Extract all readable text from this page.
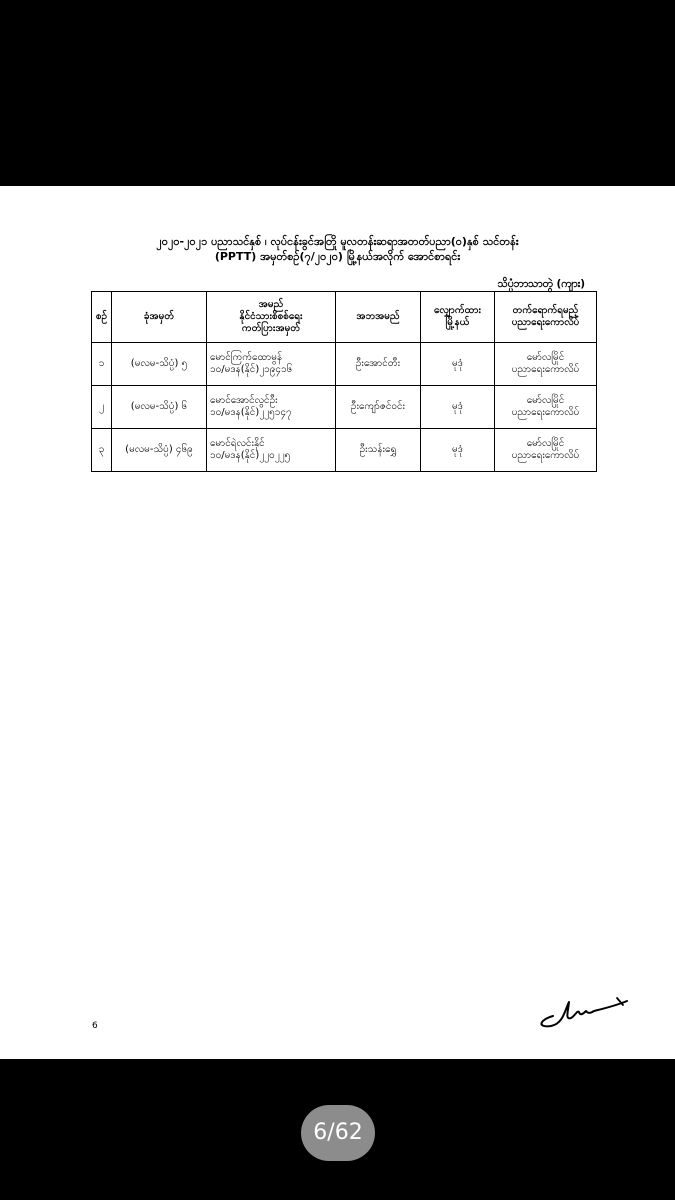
၂၀၂၀-၂၀၂၁ ပညာသင်နှစ် ၊ လုပ်ငန်းခွင်အတြို မူလတန်းဆရာအတတ်ပညာ(ဝ)နှစ် သင်တန်း
(PPTT) အမှတ်စဉ်(၇/၂၀၂၀) မြို့နယ်အလိုက် အောင်စာရင်း
သိပ္ပံဘာသာတွဲ (ကျား)
စဉ်	ခုံအမှတ်	အမည်
နိုင်ငံသားစိစစ်ရေး
ကတ်ပြားအမှတ်	အဘအမည်	လျှောက်ထား
မြို့နယ်	တက်ရောက်ရမည့်
ပညာရေးကောလိပ်

၁	(မလမ-သိပ္ပံ) ၅	မောင်ကြက်ထောမွန်
၁၀/မဒန(နိုင်)၂၁၉၄၁၆	ဦးအောင်တီး	မုဒုံ	မော်လမြိုင်
ပညာရေးကောလိပ်

၂	(မလမ-သိပ္ပံ) ၆	မောင်အောင်လွင်ဦး
၁၀/မဒန(နိုင်)၂၂၅၁၄၇	ဦးကျော်ဇင်ဝင်း	မုဒုံ	မော်လမြိုင်
ပညာရေးကောလိပ်

၃	(မလမ-သိပ္ပံ) ၄၆၉	မောင်ရဲလင်းနိုင်
၁၀/မဒန(နိုင်)၂၂၀၂၂၅	ဦးသန်းရွှေ	မုဒုံ	မော်လမြိုင်
ပညာရေးကောလိပ်
6
6/62
